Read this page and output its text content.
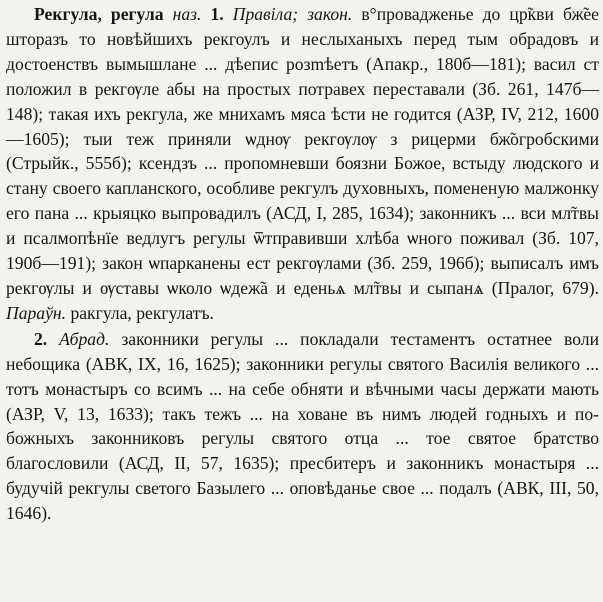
Рекгула, регула наз. 1. Правіла; закон. в°провадженье до цр̃кви бж̃ее шторазъ то новѣйшихъ рекгоулъ и неслыханыхъ перед тым обрадовъ и достоенствъ вымышлане ... дѣепис розmѣетъ (Апакр., 180б—181); васил ст положил в рекгѹле абы на простых потравех переставали (Зб. 261, 147б—148); такая ихъ рекгула, же мнихамъ мяса ѣсти не годится (АЗР, IV, 212, 1600—1605); тыи теж приняли ѡднѹ рекгѹлѹ з рицерми бж̃огробскими (Стрыйк., 555б); ксендзъ ... пропомневши боязни Божое, встыду людского и стану своего капланского, особливе рекгулъ духовныхъ, помененую малжонку его пана ... крыяцко выпровадилъ (АСД, I, 285, 1634); законникъ ... вси мл̃твы и псалмопѣнїе ведлугъ регулы ѿтправивши хлѣба ѡного поживал (Зб. 107, 190б—191); закон ѡпарканены ест рекгѹлами (Зб. 259, 196б); выписалъ имъ рекгѹлы и ѹставы ѡколо ѡдеж̃а и еденьѧ мл̃твы и сыпанѧ (Пралог, 679). Параўн. ракгула, рекгулатъ.

2. Абрад. законники регулы ... покладали тестаментъ остатнее воли небощика (АВК, IX, 16, 1625); законники регулы святого Василія великого ... тотъ монастыръ со всимъ ... на себе обняти и вѣчными часы держати мають (АЗР, V, 13, 1633); такъ тежъ ... на ховане въ нимъ людей годныхъ и побожныхъ законниковъ регулы святого отца ... тое святое братство благословили (АСД, II, 57, 1635); пресбитеръ и законникъ монастыря ... будучій рекгулы светого Базылего ... оповѣданье свое ... подалъ (АВК, III, 50, 1646).
